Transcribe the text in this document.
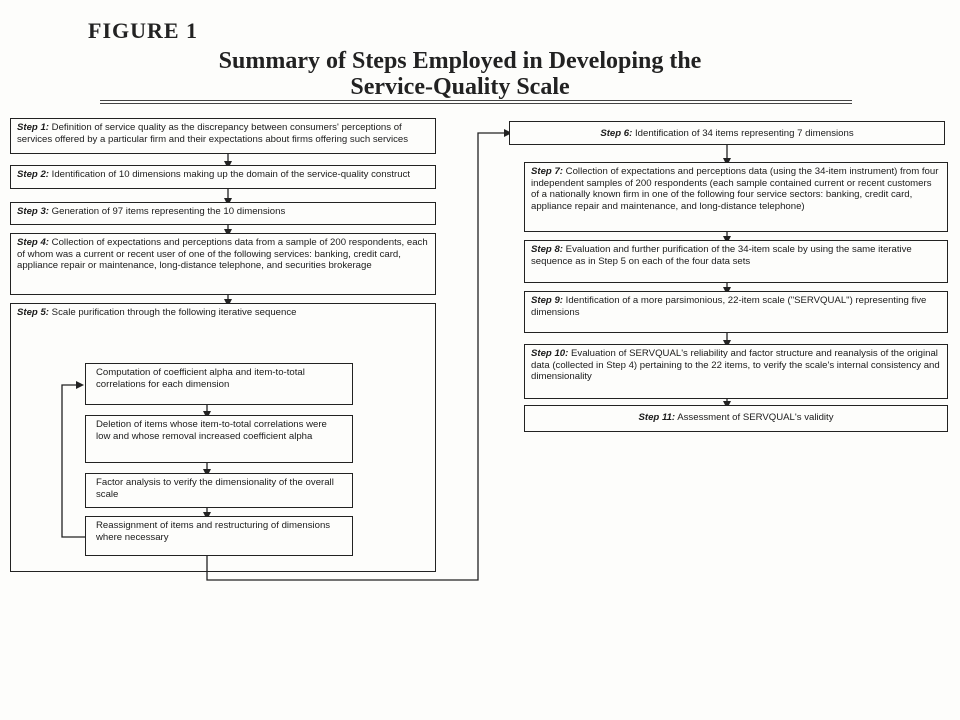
FIGURE 1
Summary of Steps Employed in Developing the
Service-Quality Scale
Step 1: Definition of service quality as the discrepancy between consumers' perceptions of services offered by a particular firm and their expectations about firms offering such services
Step 2: Identification of 10 dimensions making up the domain of the service-quality construct
Step 3: Generation of 97 items representing the 10 dimensions
Step 4: Collection of expectations and perceptions data from a sample of 200 respondents, each of whom was a current or recent user of one of the following services: banking, credit card, appliance repair or maintenance, long-distance telephone, and securities brokerage
Step 5: Scale purification through the following iterative sequence
Computation of coefficient alpha and item-to-total correlations for each dimension
Deletion of items whose item-to-total correlations were low and whose removal increased coefficient alpha
Factor analysis to verify the dimensionality of the overall scale
Reassignment of items and restructuring of dimensions where necessary
Step 6: Identification of 34 items representing 7 dimensions
Step 7: Collection of expectations and perceptions data (using the 34-item instrument) from four independent samples of 200 respondents (each sample contained current or recent customers of a nationally known firm in one of the following four service sectors: banking, credit card, appliance repair and maintenance, and long-distance telephone)
Step 8: Evaluation and further purification of the 34-item scale by using the same iterative sequence as in Step 5 on each of the four data sets
Step 9: Identification of a more parsimonious, 22-item scale ("SERVQUAL") representing five dimensions
Step 10: Evaluation of SERVQUAL's reliability and factor structure and reanalysis of the original data (collected in Step 4) pertaining to the 22 items, to verify the scale's internal consistency and dimensionality
Step 11: Assessment of SERVQUAL's validity
